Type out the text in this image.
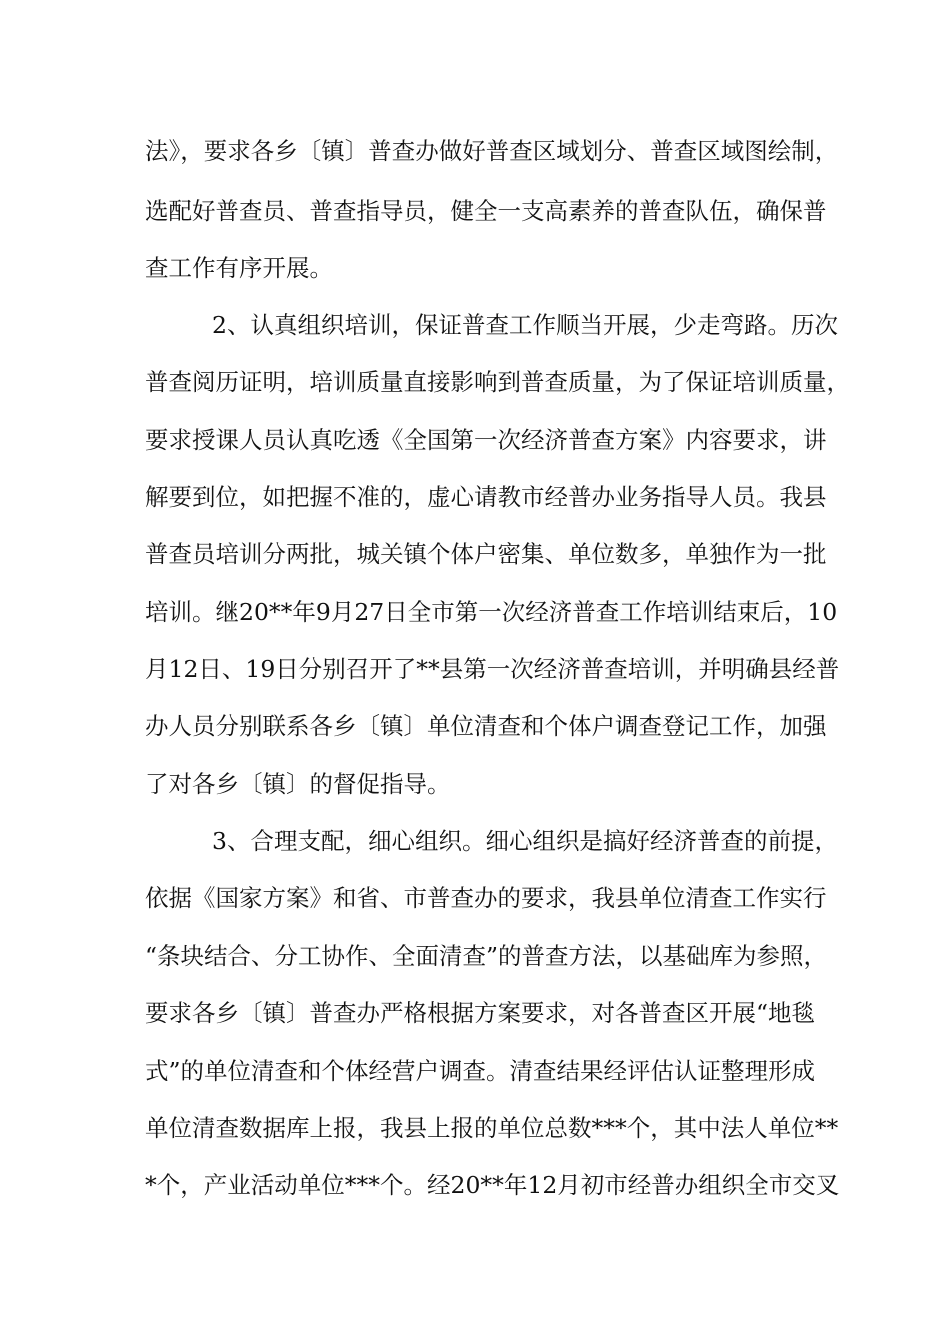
法》，要求各乡〔镇〕普查办做好普查区域划分、普查区域图绘制，
选配好普查员、普查指导员，健全一支高素养的普查队伍，确保普
查工作有序开展。
2、认真组织培训，保证普查工作顺当开展，少走弯路。历次
普查阅历证明，培训质量直接影响到普查质量，为了保证培训质量，
要求授课人员认真吃透《全国第一次经济普查方案》内容要求，讲
解要到位，如把握不准的，虚心请教市经普办业务指导人员。我县
普查员培训分两批，城关镇个体户密集、单位数多，单独作为一批
培训。继20**年9月27日全市第一次经济普查工作培训结束后，10
月12日、19日分别召开了**县第一次经济普查培训，并明确县经普
办人员分别联系各乡〔镇〕单位清查和个体户调查登记工作，加强
了对各乡〔镇〕的督促指导。
3、合理支配，细心组织。细心组织是搞好经济普查的前提，
依据《国家方案》和省、市普查办的要求，我县单位清查工作实行
“条块结合、分工协作、全面清查”的普查方法，以基础库为参照，
要求各乡〔镇〕普查办严格根据方案要求，对各普查区开展“地毯
式”的单位清查和个体经营户调查。清查结果经评估认证整理形成
单位清查数据库上报，我县上报的单位总数***个，其中法人单位**
*个，产业活动单位***个。经20**年12月初市经普办组织全市交叉
